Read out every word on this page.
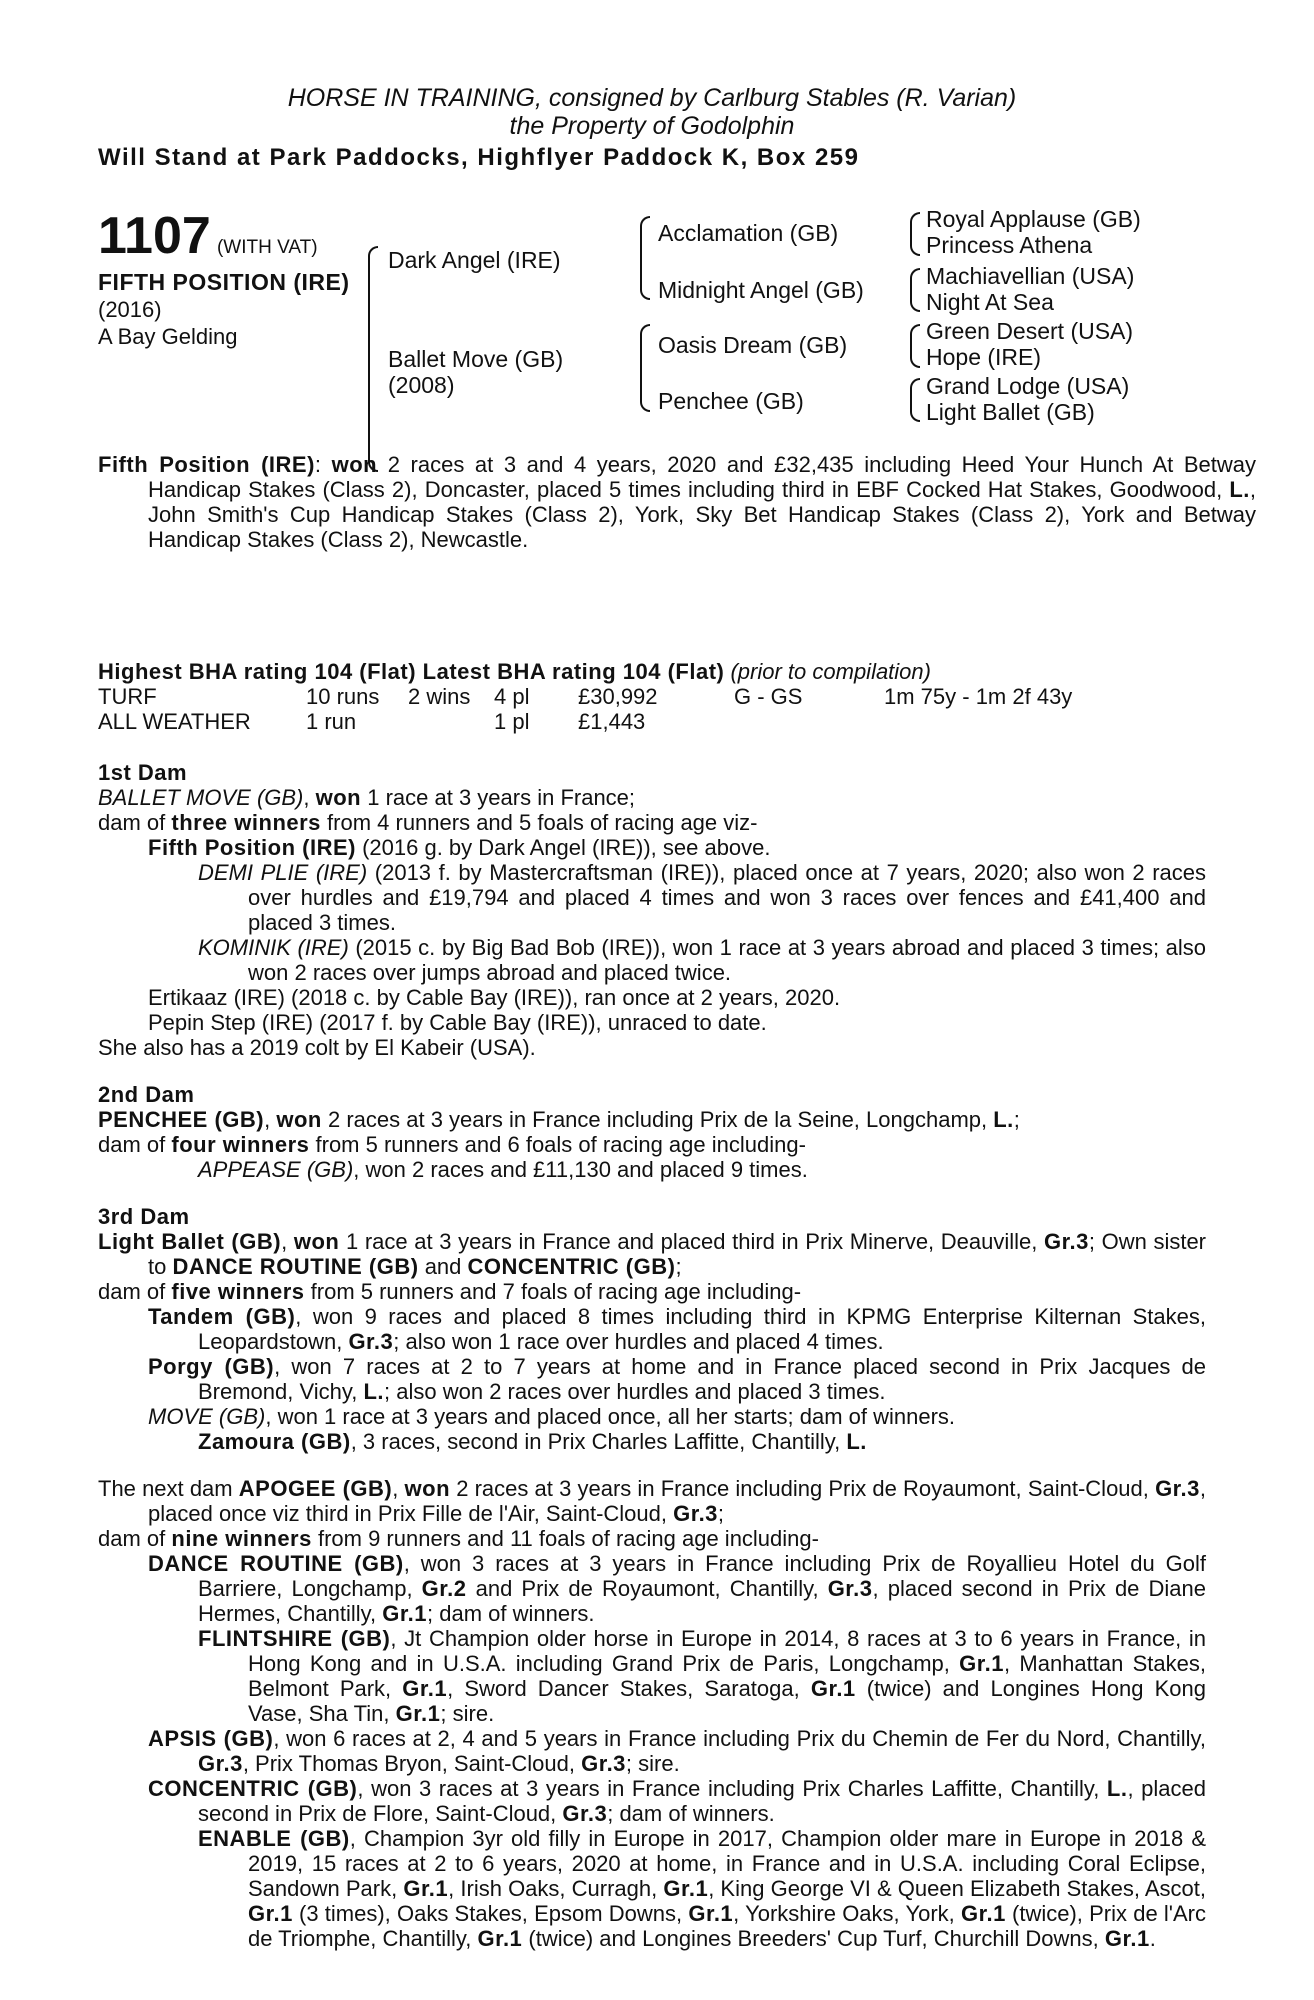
HORSE IN TRAINING, consigned by Carlburg Stables (R. Varian)
the Property of Godolphin
Will Stand at Park Paddocks, Highflyer Paddock K, Box 259
1107 (WITH VAT)
FIFTH POSITION (IRE)
(2016)
A Bay Gelding
Dark Angel (IRE)
Ballet Move (GB)
(2008)
Acclamation (GB)
Midnight Angel (GB)
Oasis Dream (GB)
Penchee (GB)
Royal Applause (GB)
Princess Athena
Machiavellian (USA)
Night At Sea
Green Desert (USA)
Hope (IRE)
Grand Lodge (USA)
Light Ballet (GB)
Fifth Position (IRE): won 2 races at 3 and 4 years, 2020 and £32,435 including Heed Your Hunch At Betway Handicap Stakes (Class 2), Doncaster, placed 5 times including third in EBF Cocked Hat Stakes, Goodwood, L., John Smith's Cup Handicap Stakes (Class 2), York, Sky Bet Handicap Stakes (Class 2), York and Betway Handicap Stakes (Class 2), Newcastle.
Highest BHA rating 104 (Flat) Latest BHA rating 104 (Flat) (prior to compilation)
TURF	10 runs 2 wins 4 pl £30,992	G - GS	1m 75y - 1m 2f 43y
ALL WEATHER	1 run	1 pl £1,443

1st Dam

BALLET MOVE (GB), won 1 race at 3 years in France;

dam of three winners from 4 runners and 5 foals of racing age viz-

Fifth Position (IRE) (2016 g. by Dark Angel (IRE)), see above.

DEMI PLIE (IRE) (2013 f. by Mastercraftsman (IRE)), placed once at 7 years, 2020; also won 2 races over hurdles and £19,794 and placed 4 times and won 3 races over fences and £41,400 and placed 3 times.

KOMINIK (IRE) (2015 c. by Big Bad Bob (IRE)), won 1 race at 3 years abroad and placed 3 times; also won 2 races over jumps abroad and placed twice.

Ertikaaz (IRE) (2018 c. by Cable Bay (IRE)), ran once at 2 years, 2020.

Pepin Step (IRE) (2017 f. by Cable Bay (IRE)), unraced to date.

She also has a 2019 colt by El Kabeir (USA).

2nd Dam

PENCHEE (GB), won 2 races at 3 years in France including Prix de la Seine, Longchamp, L.;

dam of four winners from 5 runners and 6 foals of racing age including-

APPEASE (GB), won 2 races and £11,130 and placed 9 times.

3rd Dam

Light Ballet (GB), won 1 race at 3 years in France and placed third in Prix Minerve, Deauville, Gr.3; Own sister to DANCE ROUTINE (GB) and CONCENTRIC (GB);

dam of five winners from 5 runners and 7 foals of racing age including-

Tandem (GB), won 9 races and placed 8 times including third in KPMG Enterprise Kilternan Stakes, Leopardstown, Gr.3; also won 1 race over hurdles and placed 4 times.

Porgy (GB), won 7 races at 2 to 7 years at home and in France placed second in Prix Jacques de Bremond, Vichy, L.; also won 2 races over hurdles and placed 3 times.

MOVE (GB), won 1 race at 3 years and placed once, all her starts; dam of winners.

Zamoura (GB), 3 races, second in Prix Charles Laffitte, Chantilly, L.

The next dam APOGEE (GB), won 2 races at 3 years in France including Prix de Royaumont, Saint-Cloud, Gr.3, placed once viz third in Prix Fille de l'Air, Saint-Cloud, Gr.3;

dam of nine winners from 9 runners and 11 foals of racing age including-

DANCE ROUTINE (GB), won 3 races at 3 years in France including Prix de Royallieu Hotel du Golf Barriere, Longchamp, Gr.2 and Prix de Royaumont, Chantilly, Gr.3, placed second in Prix de Diane Hermes, Chantilly, Gr.1; dam of winners.

FLINTSHIRE (GB), Jt Champion older horse in Europe in 2014, 8 races at 3 to 6 years in France, in Hong Kong and in U.S.A. including Grand Prix de Paris, Longchamp, Gr.1, Manhattan Stakes, Belmont Park, Gr.1, Sword Dancer Stakes, Saratoga, Gr.1 (twice) and Longines Hong Kong Vase, Sha Tin, Gr.1; sire.

APSIS (GB), won 6 races at 2, 4 and 5 years in France including Prix du Chemin de Fer du Nord, Chantilly, Gr.3, Prix Thomas Bryon, Saint-Cloud, Gr.3; sire.

CONCENTRIC (GB), won 3 races at 3 years in France including Prix Charles Laffitte, Chantilly, L., placed second in Prix de Flore, Saint-Cloud, Gr.3; dam of winners.

ENABLE (GB), Champion 3yr old filly in Europe in 2017, Champion older mare in Europe in 2018 & 2019, 15 races at 2 to 6 years, 2020 at home, in France and in U.S.A. including Coral Eclipse, Sandown Park, Gr.1, Irish Oaks, Curragh, Gr.1, King George VI & Queen Elizabeth Stakes, Ascot, Gr.1 (3 times), Oaks Stakes, Epsom Downs, Gr.1, Yorkshire Oaks, York, Gr.1 (twice), Prix de l'Arc de Triomphe, Chantilly, Gr.1 (twice) and Longines Breeders' Cup Turf, Churchill Downs, Gr.1.
